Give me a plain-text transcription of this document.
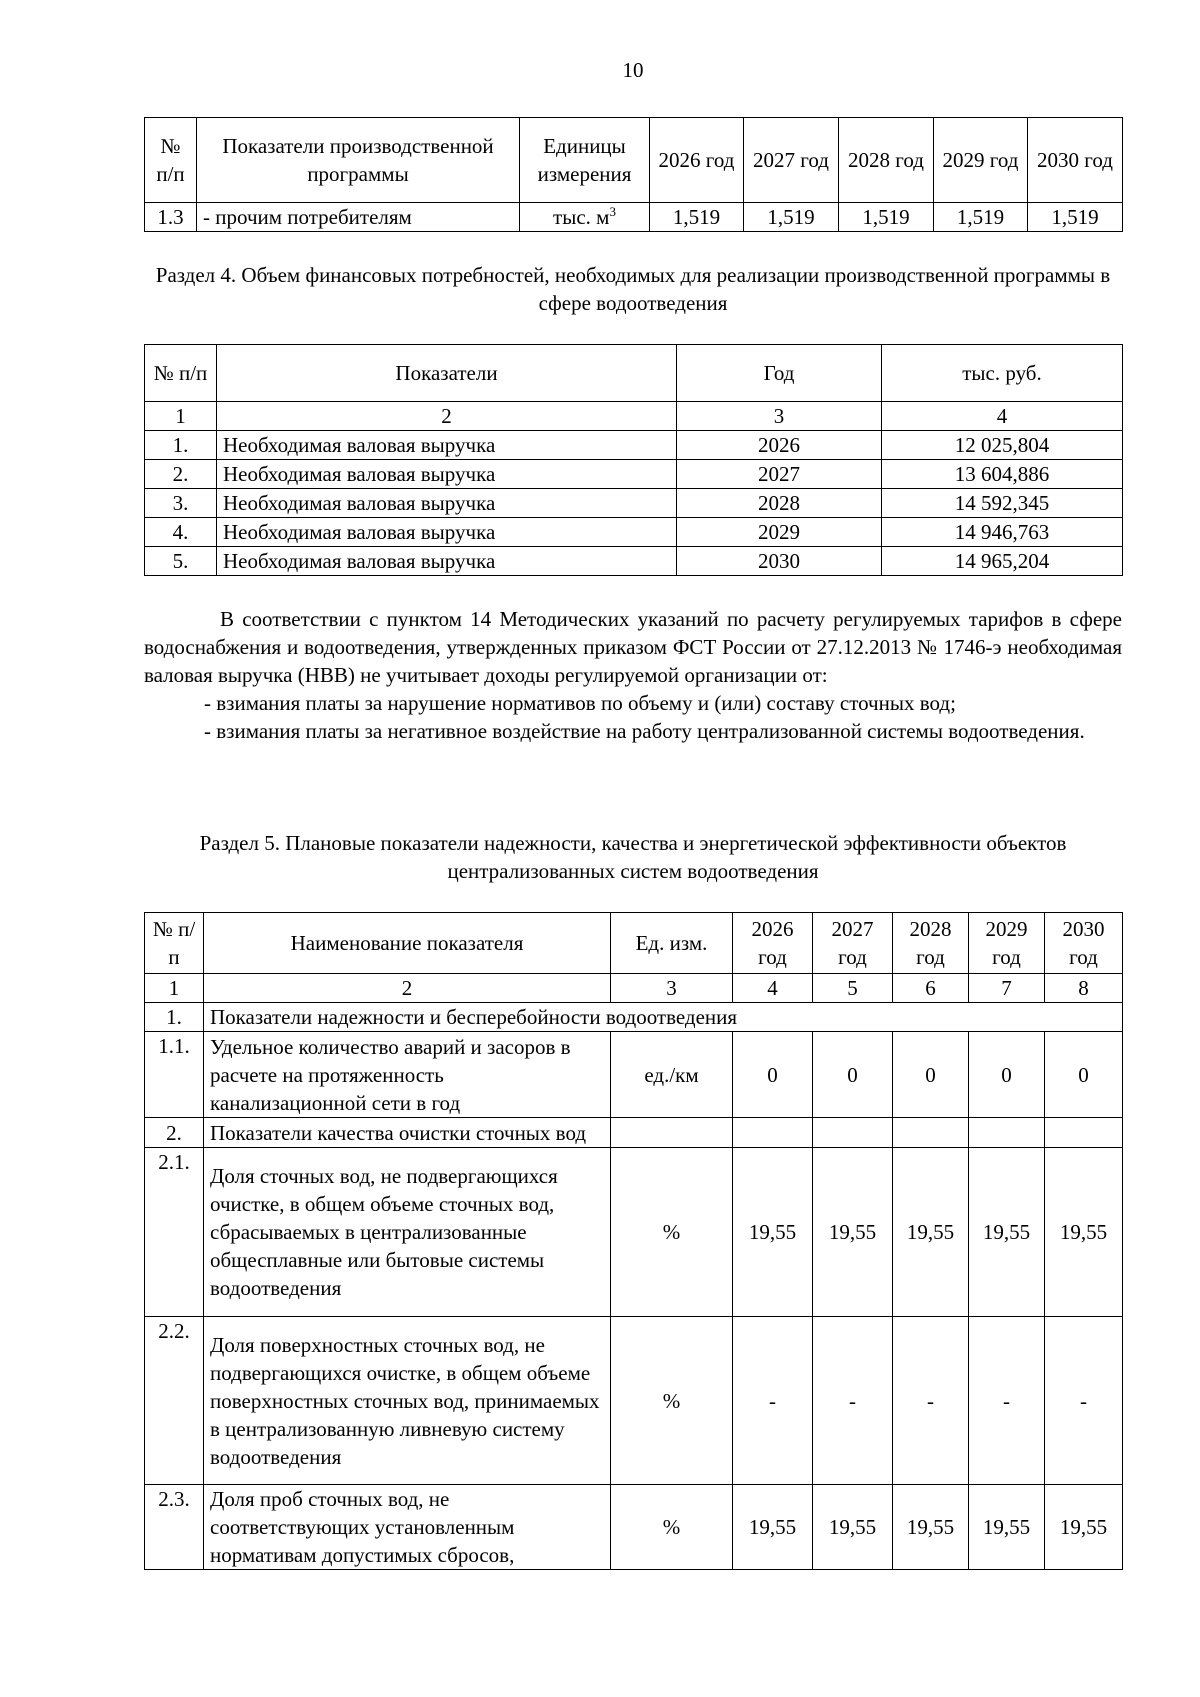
10
№ п/п	Показатели производственной программы	Единицы измерения	2026 год	2027 год	2028 год	2029 год	2030 год
1.3	- прочим потребителям	тыс. $м^3$	1,519	1,519	1,519	1,519	1,519
Раздел 4. Объем финансовых потребностей, необходимых для реализации производственной программы в сфере водоотведения
№ п/п	Показатели	Год	тыс. руб.
1	2	3	4
1.	Необходимая валовая выручка	2026	12 025,804
2.	Необходимая валовая выручка	2027	13 604,886
3.	Необходимая валовая выручка	2028	14 592,345
4.	Необходимая валовая выручка	2029	14 946,763
5.	Необходимая валовая выручка	2030	14 965,204

В соответствии с пунктом 14 Методических указаний по расчету регулируемых тарифов в сфере водоснабжения и водоотведения, утвержденных приказом ФСТ России от 27.12.2013 № 1746-э необходимая валовая выручка (НВВ) не учитывает доходы регулируемой организации от:

- взимания платы за нарушение нормативов по объему и (или) составу сточных вод;

- взимания платы за негативное воздействие на работу централизованной системы водоотведения.

Раздел 5. Плановые показатели надежности, качества и энергетической эффективности объектов централизованных систем водоотведения
№ п/п	Наименование показателя	Ед. изм.	2026 год	2027 год	2028 год	2029 год	2030 год
1	2	3	4	5	6	7	8
1.	Показатели надежности и бесперебойности водоотведения						
1.1.	Удельное количество аварий и засоров в расчете на протяженность канализационной сети в год	ед./км	0	0	0	0	0
2.	Показатели качества очистки сточных вод						
2.1.	Доля сточных вод, не подвергающихся очистке, в общем объеме сточных вод, сбрасываемых в централизованные общесплавные или бытовые системы водоотведения	%	19,55	19,55	19,55	19,55	19,55
2.2.	Доля поверхностных сточных вод, не подвергающихся очистке, в общем объеме поверхностных сточных вод, принимаемых в централизованную ливневую систему водоотведения	%	-	-	-	-	-
2.3.	Доля проб сточных вод, не соответствующих установленным нормативам допустимых сбросов,	%	19,55	19,55	19,55	19,55	19,55
